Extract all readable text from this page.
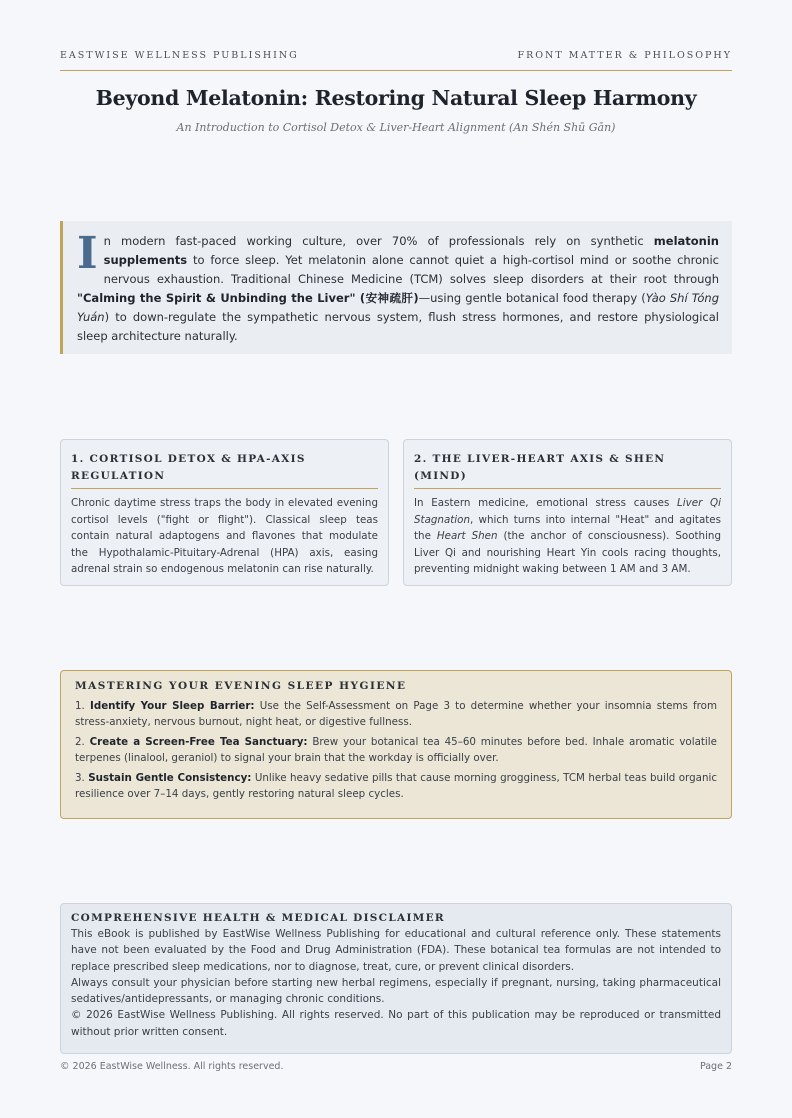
EASTWISE WELLNESS PUBLISHING	FRONT MATTER & PHILOSOPHY
Beyond Melatonin: Restoring Natural Sleep Harmony
An Introduction to Cortisol Detox & Liver-Heart Alignment (An Shén Shū Gān)
In modern fast-paced working culture, over 70% of professionals rely on synthetic melatonin supplements to force sleep. Yet melatonin alone cannot quiet a high-cortisol mind or soothe chronic nervous exhaustion. Traditional Chinese Medicine (TCM) solves sleep disorders at their root through "Calming the Spirit & Unbinding the Liver" (安神疏肝)—using gentle botanical food therapy (Yào Shí Tóng Yuán) to down-regulate the sympathetic nervous system, flush stress hormones, and restore physiological sleep architecture naturally.
1. CORTISOL DETOX & HPA-AXIS REGULATION

Chronic daytime stress traps the body in elevated evening cortisol levels ("fight or flight"). Classical sleep teas contain natural adaptogens and flavones that modulate the Hypothalamic-Pituitary-Adrenal (HPA) axis, easing adrenal strain so endogenous melatonin can rise naturally.

2. THE LIVER-HEART AXIS & SHEN (MIND)

In Eastern medicine, emotional stress causes Liver Qi Stagnation, which turns into internal "Heat" and agitates the Heart Shen (the anchor of consciousness). Soothing Liver Qi and nourishing Heart Yin cools racing thoughts, preventing midnight waking between 1 AM and 3 AM.

MASTERING YOUR EVENING SLEEP HYGIENE
1. Identify Your Sleep Barrier: Use the Self-Assessment on Page 3 to determine whether your insomnia stems from stress-anxiety, nervous burnout, night heat, or digestive fullness.
2. Create a Screen-Free Tea Sanctuary: Brew your botanical tea 45–60 minutes before bed. Inhale aromatic volatile terpenes (linalool, geraniol) to signal your brain that the workday is officially over.
3. Sustain Gentle Consistency: Unlike heavy sedative pills that cause morning grogginess, TCM herbal teas build organic resilience over 7–14 days, gently restoring natural sleep cycles.
COMPREHENSIVE HEALTH & MEDICAL DISCLAIMER

This eBook is published by EastWise Wellness Publishing for educational and cultural reference only. These statements have not been evaluated by the Food and Drug Administration (FDA). These botanical tea formulas are not intended to replace prescribed sleep medications, nor to diagnose, treat, cure, or prevent clinical disorders.

Always consult your physician before starting new herbal regimens, especially if pregnant, nursing, taking pharmaceutical sedatives/antidepressants, or managing chronic conditions.

© 2026 EastWise Wellness Publishing. All rights reserved. No part of this publication may be reproduced or transmitted without prior written consent.

© 2026 EastWise Wellness. All rights reserved.	Page 2
